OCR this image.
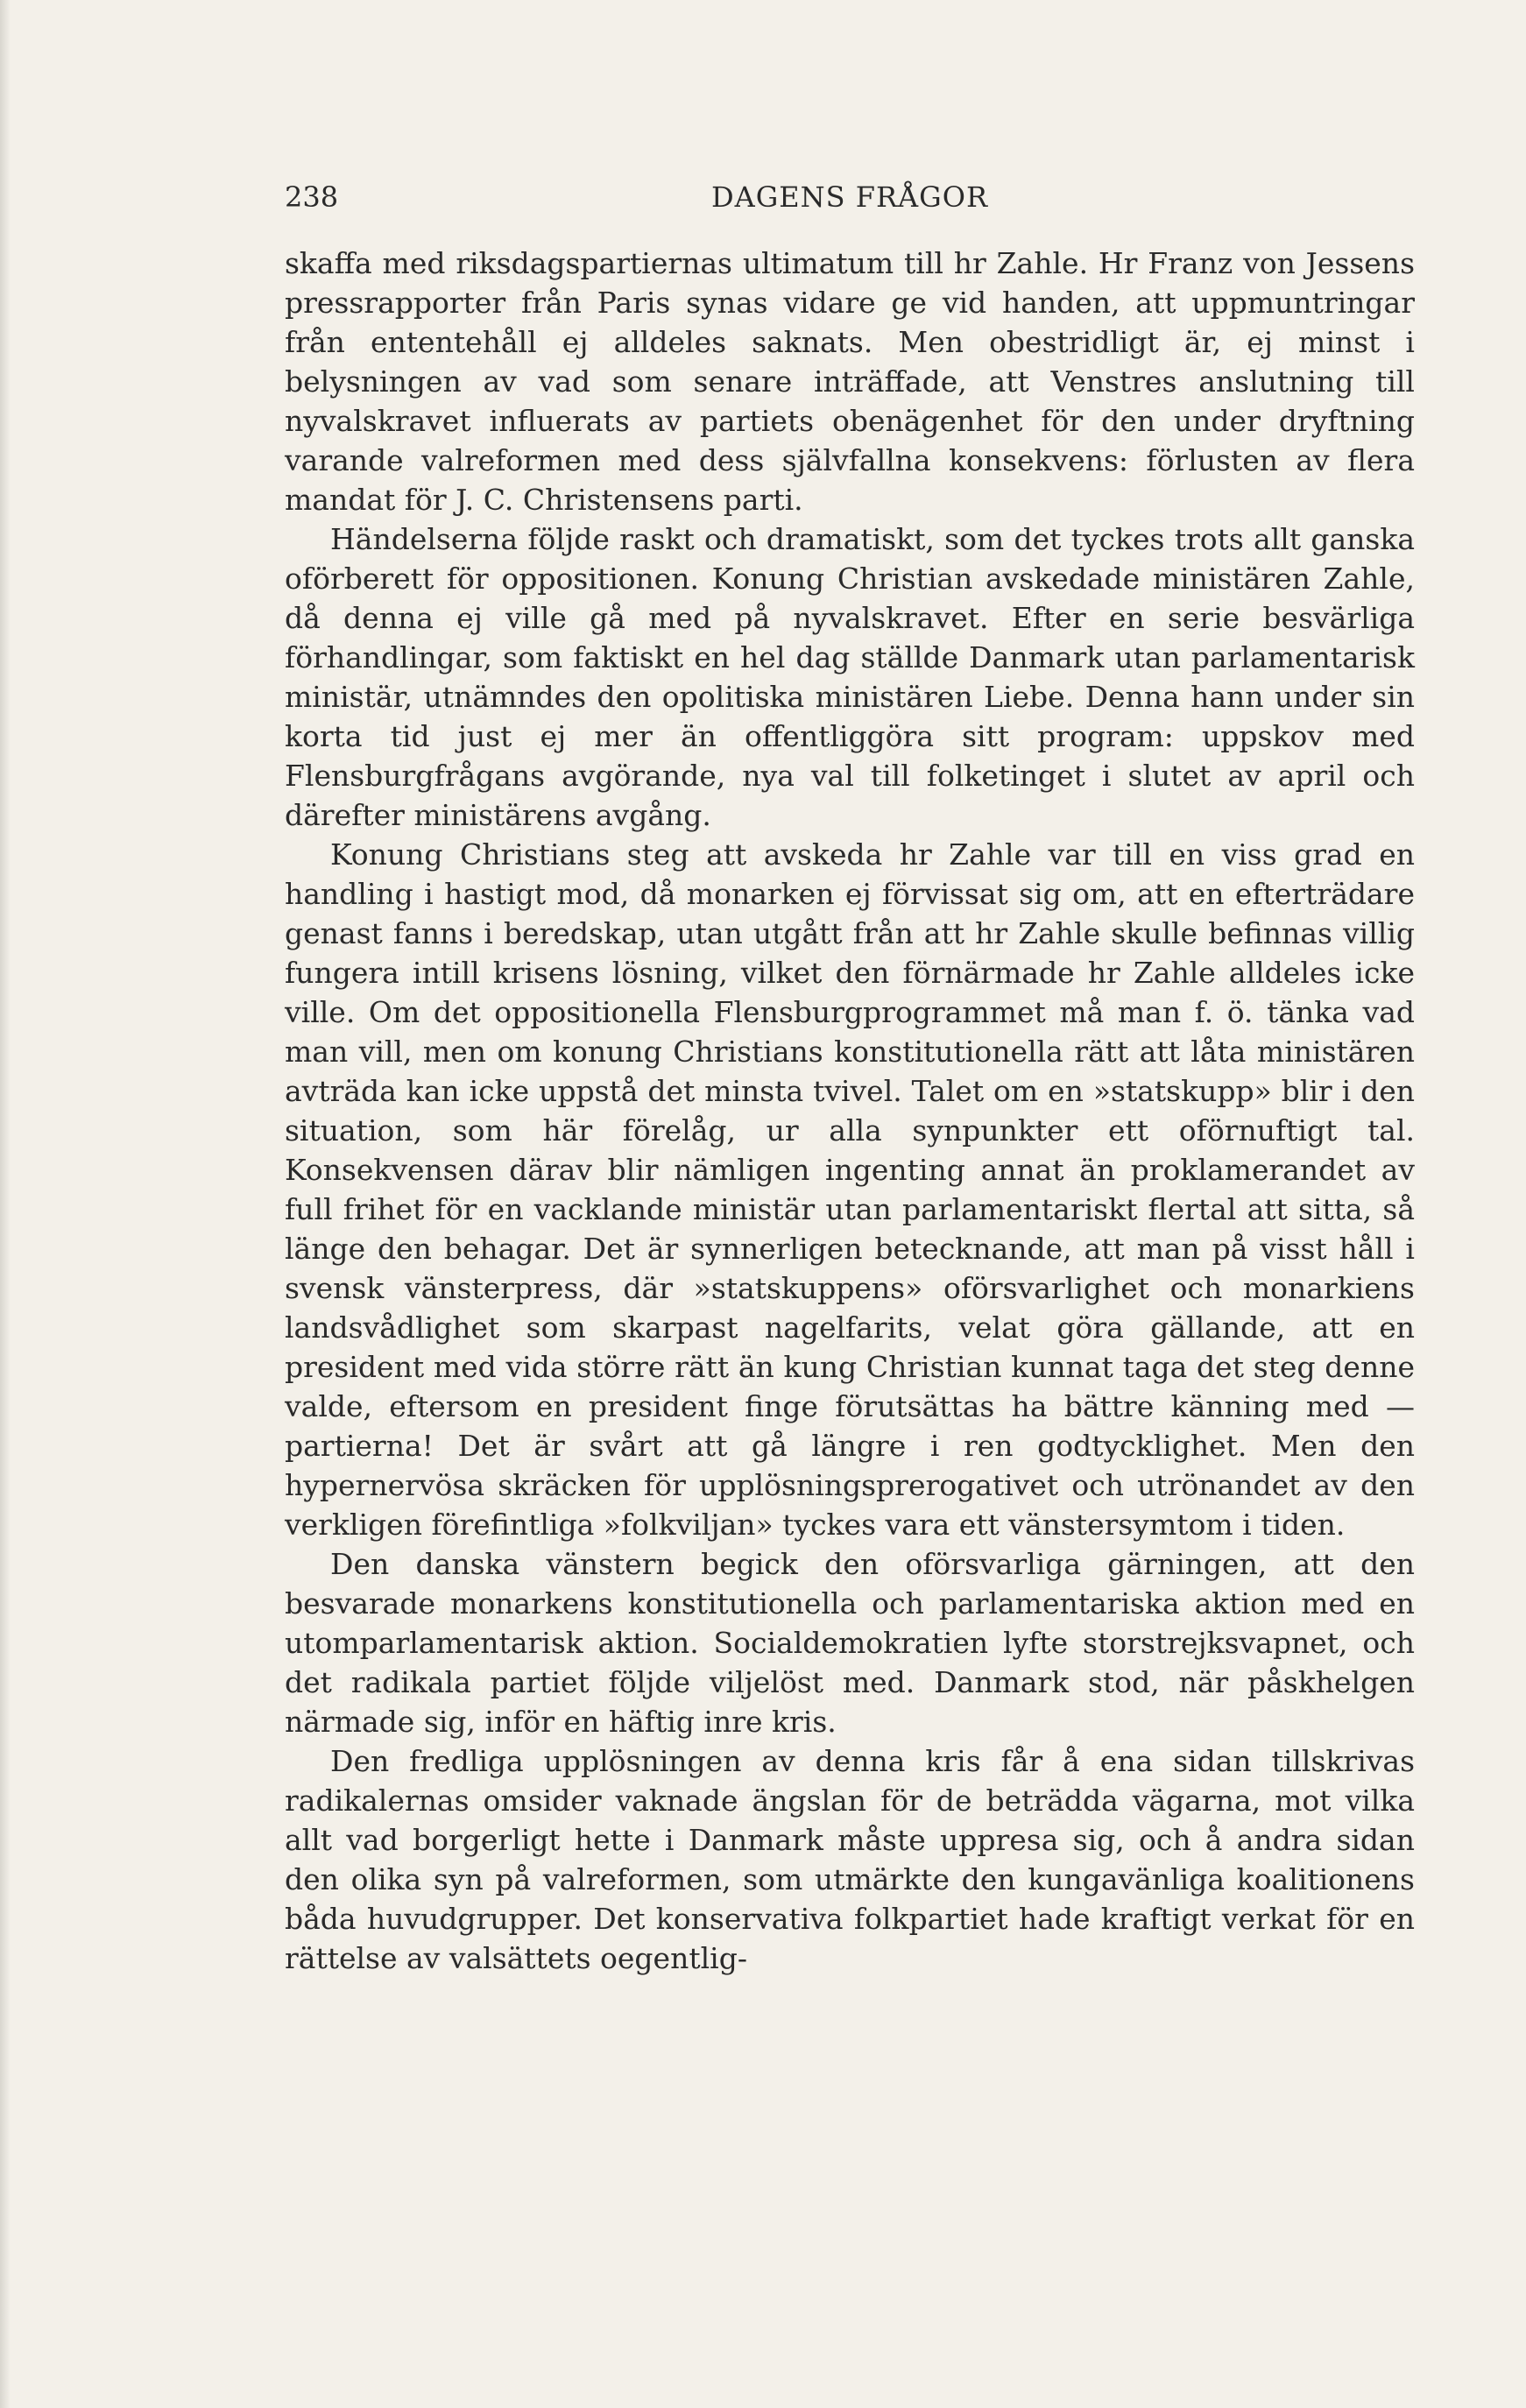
238	DAGENS FRÅGOR

skaffa med riksdagspartiernas ultimatum till hr Zahle. Hr Franz von Jessens pressrapporter från Paris synas vidare ge vid handen, att uppmuntringar från ententehåll ej alldeles saknats. Men obestridligt är, ej minst i belysningen av vad som senare inträffade, att Venstres anslutning till nyvalskravet influerats av partiets obenägenhet för den under dryftning varande valreformen med dess självfallna konsekvens: förlusten av flera mandat för J. C. Christensens parti.

Händelserna följde raskt och dramatiskt, som det tyckes trots allt ganska oförberett för oppositionen. Konung Christian avskedade ministären Zahle, då denna ej ville gå med på nyvalskravet. Efter en serie besvärliga förhandlingar, som faktiskt en hel dag ställde Danmark utan parlamentarisk ministär, utnämndes den opolitiska ministären Liebe. Denna hann under sin korta tid just ej mer än offentliggöra sitt program: uppskov med Flensburgfrågans avgörande, nya val till folketinget i slutet av april och därefter ministärens avgång.

Konung Christians steg att avskeda hr Zahle var till en viss grad en handling i hastigt mod, då monarken ej förvissat sig om, att en efterträdare genast fanns i beredskap, utan utgått från att hr Zahle skulle befinnas villig fungera intill krisens lösning, vilket den förnärmade hr Zahle alldeles icke ville. Om det oppositionella Flensburgprogrammet må man f. ö. tänka vad man vill, men om konung Christians konstitutionella rätt att låta ministären avträda kan icke uppstå det minsta tvivel. Talet om en »statskupp» blir i den situation, som här förelåg, ur alla synpunkter ett oförnuftigt tal. Konsekvensen därav blir nämligen ingenting annat än proklamerandet av full frihet för en vacklande ministär utan parlamentariskt flertal att sitta, så länge den behagar. Det är synnerligen betecknande, att man på visst håll i svensk vänsterpress, där »statskuppens» oförsvarlighet och monarkiens landsvådlighet som skarpast nagelfarits, velat göra gällande, att en president med vida större rätt än kung Christian kunnat taga det steg denne valde, eftersom en president finge förutsättas ha bättre känning med — partierna! Det är svårt att gå längre i ren godtycklighet. Men den hypernervösa skräcken för upplösningsprerogativet och utrönandet av den verkligen förefintliga »folkviljan» tyckes vara ett vänstersymtom i tiden.

Den danska vänstern begick den oförsvarliga gärningen, att den besvarade monarkens konstitutionella och parlamentariska aktion med en utomparlamentarisk aktion. Socialdemokratien lyfte storstrejksvapnet, och det radikala partiet följde viljelöst med. Danmark stod, när påskhelgen närmade sig, inför en häftig inre kris.

Den fredliga upplösningen av denna kris får å ena sidan tillskrivas radikalernas omsider vaknade ängslan för de beträdda vägarna, mot vilka allt vad borgerligt hette i Danmark måste uppresa sig, och å andra sidan den olika syn på valreformen, som utmärkte den kungavänliga koalitionens båda huvudgrupper. Det konservativa folkpartiet hade kraftigt verkat för en rättelse av valsättets oegentlig-
